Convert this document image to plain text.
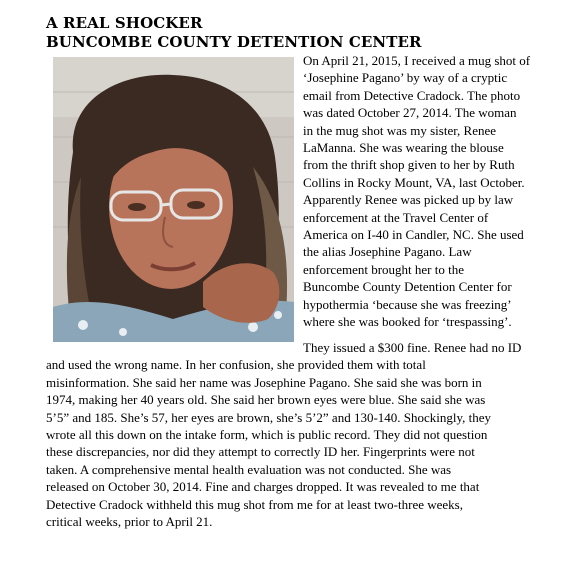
A REAL SHOCKER
BUNCOMBE COUNTY DETENTION CENTER

On April 21, 2015, I received a mug shot of
‘Josephine Pagano’ by way of a cryptic
email from Detective Cradock. The photo
was dated October 27, 2014. The woman
in the mug shot was my sister, Renee
LaManna. She was wearing the blouse
from the thrift shop given to her by Ruth
Collins in Rocky Mount, VA, last October.
Apparently Renee was picked up by law
enforcement at the Travel Center of
America on I-40 in Candler, NC. She used
the alias Josephine Pagano. Law
enforcement brought her to the
Buncombe County Detention Center for
hypothermia ‘because she was freezing’
where she was booked for ‘trespassing’.

They issued a $300 fine. Renee had no ID
and used the wrong name. In her confusion, she provided them with total
misinformation. She said her name was Josephine Pagano. She said she was born in
1974, making her 40 years old. She said her brown eyes were blue. She said she was
5’5” and 185. She’s 57, her eyes are brown, she’s 5’2” and 130-140. Shockingly, they
wrote all this down on the intake form, which is public record. They did not question
these discrepancies, nor did they attempt to correctly ID her. Fingerprints were not
taken. A comprehensive mental health evaluation was not conducted. She was
released on October 30, 2014. Fine and charges dropped. It was revealed to me that
Detective Cradock withheld this mug shot from me for at least two-three weeks,
critical weeks, prior to April 21.
